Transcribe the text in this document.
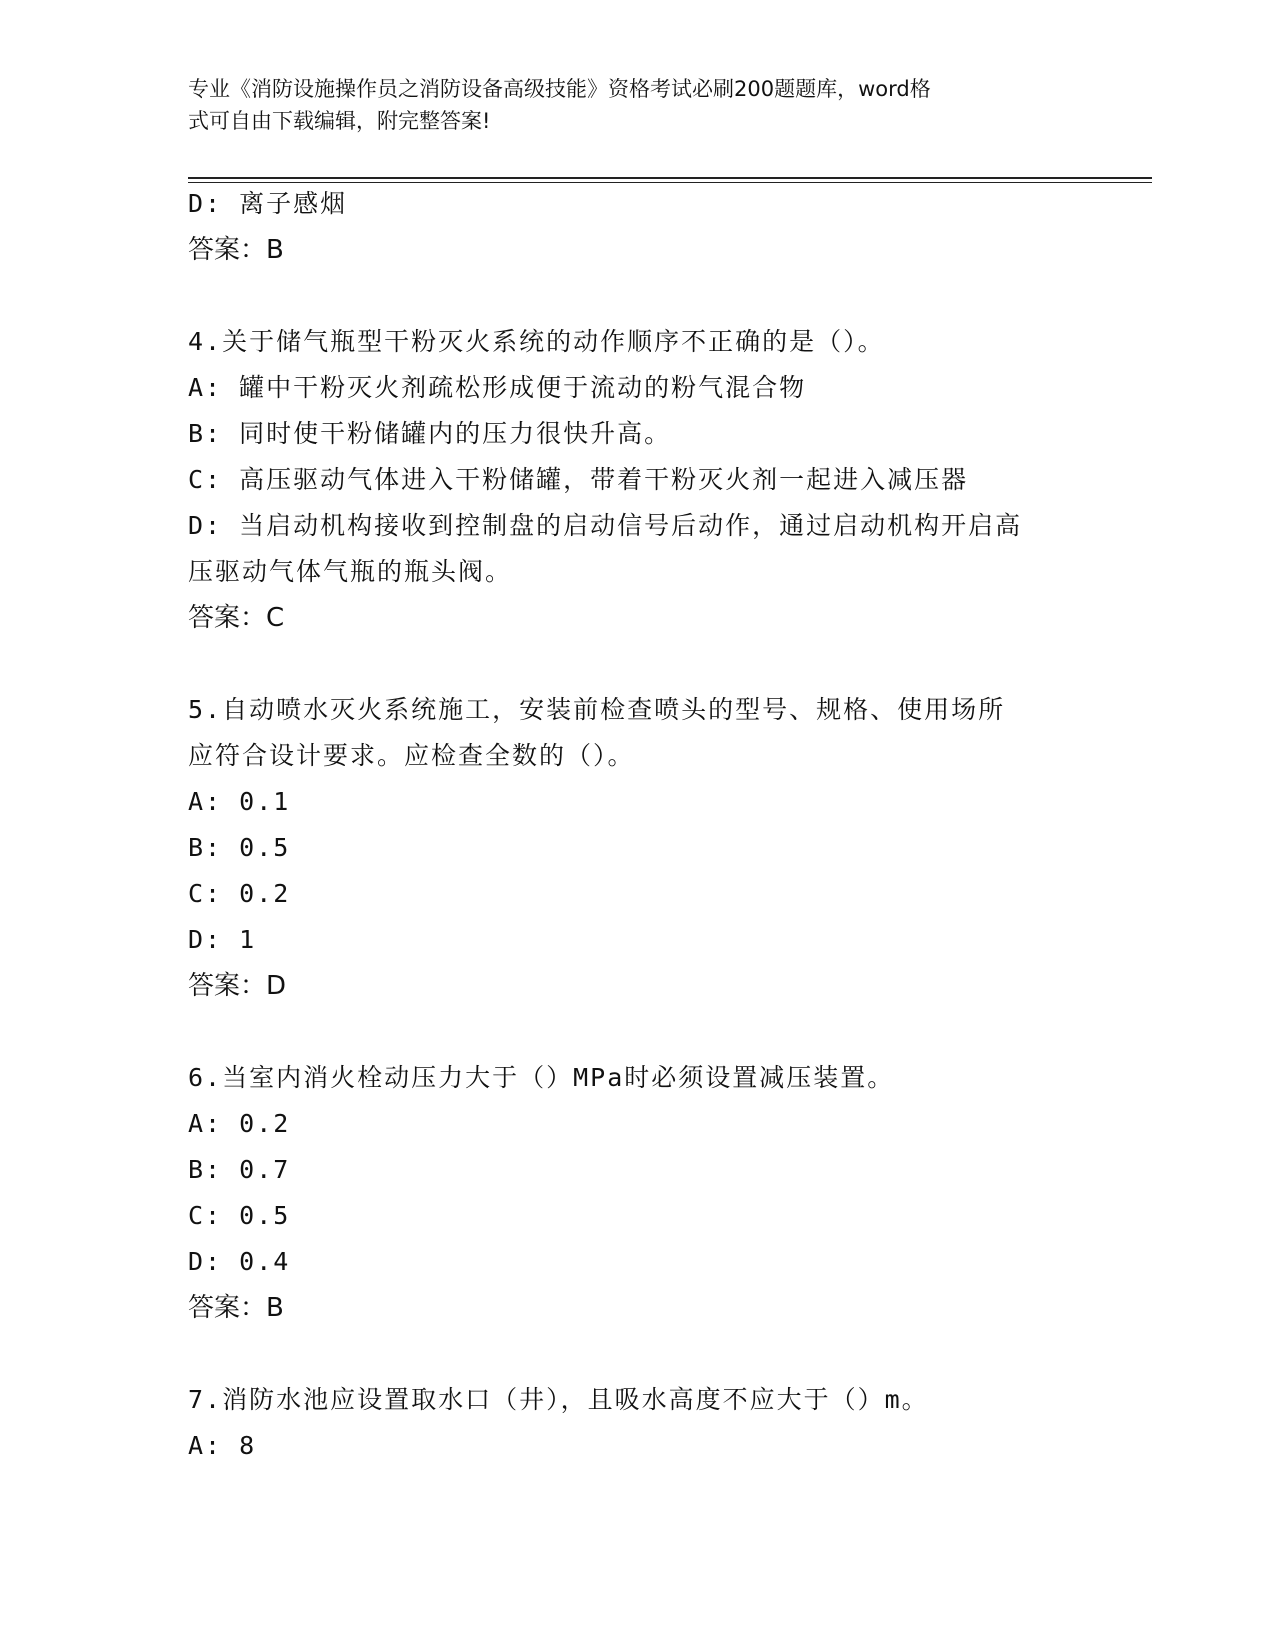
专业《消防设施操作员之消防设备高级技能》资格考试必刷200题题库，word格
式可自由下载编辑，附完整答案!
D: 离子感烟
答案：B
4.关于储气瓶型干粉灭火系统的动作顺序不正确的是（）。
A: 罐中干粉灭火剂疏松形成便于流动的粉气混合物
B: 同时使干粉储罐内的压力很快升高。
C: 高压驱动气体进入干粉储罐，带着干粉灭火剂一起进入减压器
D: 当启动机构接收到控制盘的启动信号后动作，通过启动机构开启高
压驱动气体气瓶的瓶头阀。
答案：C
5.自动喷水灭火系统施工，安装前检查喷头的型号、规格、使用场所
应符合设计要求。应检查全数的（）。
A: 0.1
B: 0.5
C: 0.2
D: 1
答案：D
6.当室内消火栓动压力大于（）MPa时必须设置减压装置。
A: 0.2
B: 0.7
C: 0.5
D: 0.4
答案：B
7.消防水池应设置取水口（井），且吸水高度不应大于（）m。
A: 8
